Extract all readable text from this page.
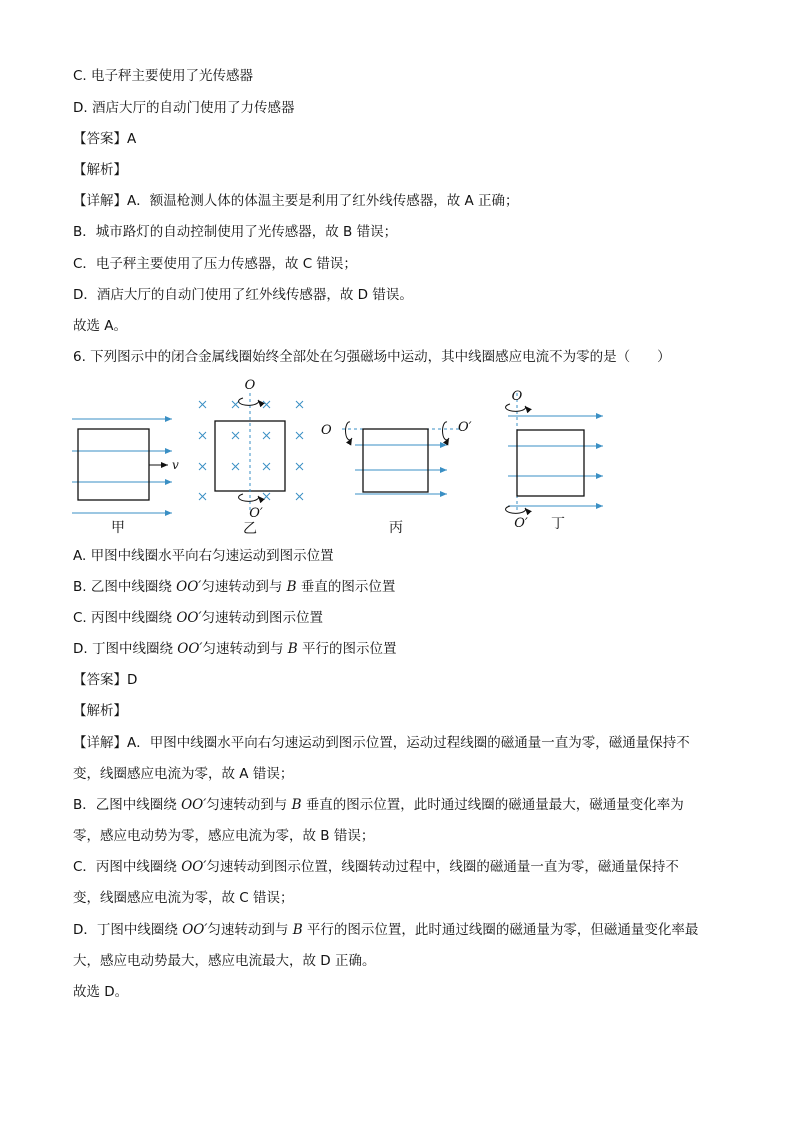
C. 电子秤主要使用了光传感器
D. 酒店大厅的自动门使用了力传感器
【答案】A
【解析】
【详解】A．额温枪测人体的体温主要是利用了红外线传感器，故 A 正确；
B．城市路灯的自动控制使用了光传感器，故 B 错误；
C．电子秤主要使用了压力传感器，故 C 错误；
D．酒店大厅的自动门使用了红外线传感器，故 D 错误。
故选 A。
6. 下列图示中的闭合金属线圈始终全部处在匀强磁场中运动，其中线圈感应电流不为零的是（　　）
v
甲
O
O′
乙
O	O′
丙
O
O′ 丁
A. 甲图中线圈水平向右匀速运动到图示位置
B. 乙图中线圈绕 OO′匀速转动到与 B 垂直的图示位置
C. 丙图中线圈绕 OO′匀速转动到图示位置
D. 丁图中线圈绕 OO′匀速转动到与 B 平行的图示位置
【答案】D
【解析】
【详解】A．甲图中线圈水平向右匀速运动到图示位置，运动过程线圈的磁通量一直为零，磁通量保持不
变，线圈感应电流为零，故 A 错误；
B．乙图中线圈绕 OO′匀速转动到与 B 垂直的图示位置，此时通过线圈的磁通量最大，磁通量变化率为
零，感应电动势为零，感应电流为零，故 B 错误；
C．丙图中线圈绕 OO′匀速转动到图示位置，线圈转动过程中，线圈的磁通量一直为零，磁通量保持不
变，线圈感应电流为零，故 C 错误；
D．丁图中线圈绕 OO′匀速转动到与 B 平行的图示位置，此时通过线圈的磁通量为零，但磁通量变化率最
大，感应电动势最大，感应电流最大，故 D 正确。
故选 D。
